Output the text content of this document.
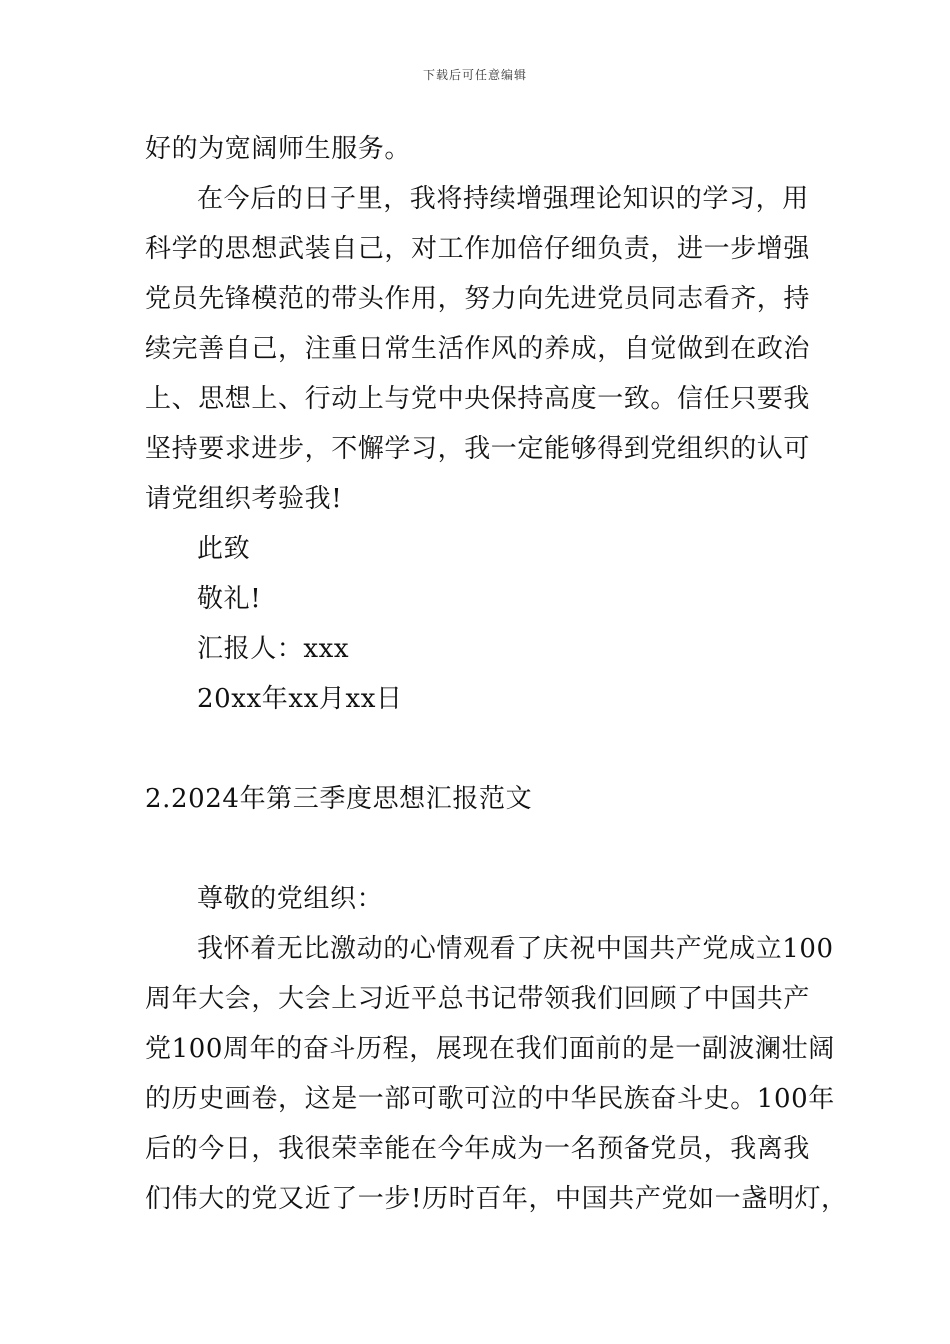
下载后可任意编辑
好的为宽阔师生服务。
在今后的日子里，我将持续增强理论知识的学习，用
科学的思想武装自己，对工作加倍仔细负责，进一步增强
党员先锋模范的带头作用，努力向先进党员同志看齐，持
续完善自己，注重日常生活作风的养成，自觉做到在政治
上、思想上、行动上与党中央保持高度一致。信任只要我
坚持要求进步，不懈学习，我一定能够得到党组织的认可
请党组织考验我!
此致
敬礼!
汇报人：xxx
20xx年xx月xx日
2.2024年第三季度思想汇报范文
尊敬的党组织：
我怀着无比激动的心情观看了庆祝中国共产党成立100
周年大会，大会上习近平总书记带领我们回顾了中国共产
党100周年的奋斗历程，展现在我们面前的是一副波澜壮阔
的历史画卷，这是一部可歌可泣的中华民族奋斗史。100年
后的今日，我很荣幸能在今年成为一名预备党员，我离我
们伟大的党又近了一步!历时百年，中国共产党如一盏明灯，
